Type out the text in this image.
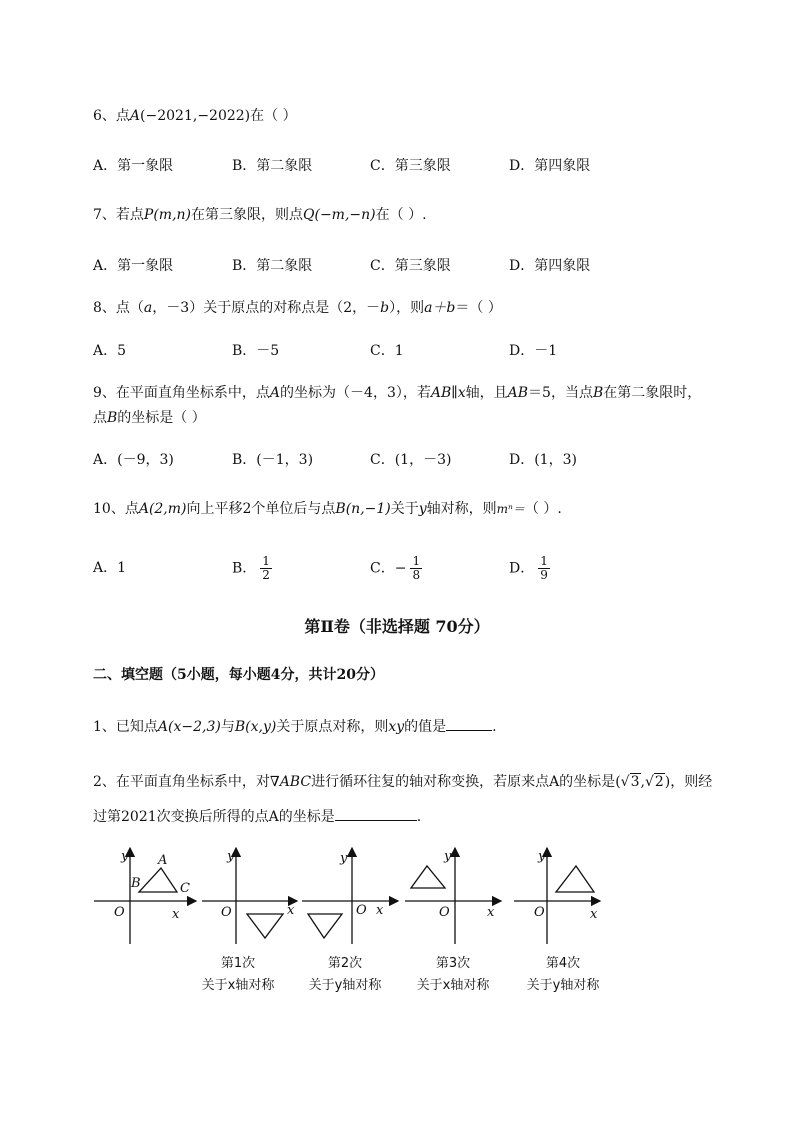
6、点A(−2021,−2022)在（ ）
A．第一象限	B．第二象限	C．第三象限	D．第四象限
7、若点P(m,n)在第三象限，则点Q(−m,−n)在（ ）.
A．第一象限	B．第二象限	C．第三象限	D．第四象限
8、点（a，－3）关于原点的对称点是（2，－b），则a＋b＝（ ）
A．5	B．－5	C．1	D．－1
9、在平面直角坐标系中，点A的坐标为（－4，3），若AB∥x轴，且AB＝5，当点B在第二象限时，
点B的坐标是（ ）
A．(－9，3)	B．(－1，3)	C．(1，－3)	D．(1，3)
10、点A(2,m)向上平移2个单位后与点B(n,−1)关于y轴对称，则mⁿ＝（ ）.
A．1	B． $\frac{1}{2}$	C．− $\frac{1}{8}$	D． $\frac{1}{9}$
第Ⅱ卷（非选择题 70分）
二、填空题（5小题，每小题4分，共计20分）
1、已知点A(x−2,3)与B(x,y)关于原点对称，则xy的值是	.
2、在平面直角坐标系中，对∇ABC进行循环往复的轴对称变换，若原来点A的坐标是(√3,√2)，则经
过第2021次变换后所得的点A的坐标是	.
y
x
O
A
B	C
y
x
O
y
x
O
y
x
O
y
x
O
第1次
关于x轴对称
第2次
关于y轴对称
第3次
关于x轴对称
第4次
关于y轴对称
